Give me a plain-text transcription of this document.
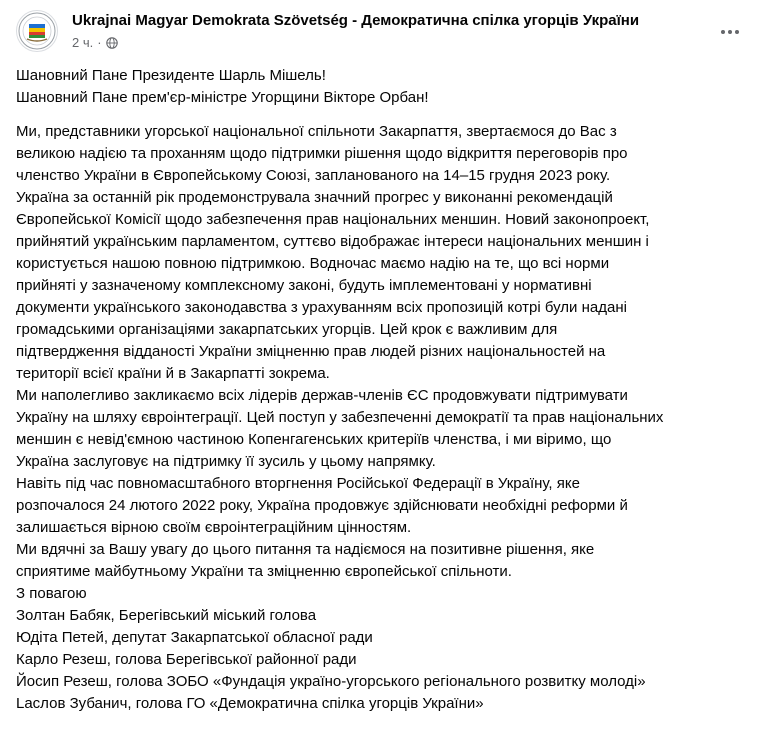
Ukrajnai Magyar Demokrata Szövetség - Демократична спілка угорців України
2 ч. ·
Шановний Пане Президенте Шарль Мішель!
Шановний Пане прем'єр-міністре Угорщини Вікторе Орбан!
Ми, представники угорської національної спільноти Закарпаття, звертаємося до Вас з
великою надією та проханням щодо підтримки рішення щодо відкриття переговорів про
членство України в Європейському Союзі, запланованого на 14–15 грудня 2023 року.
Україна за останній рік продемонструвала значний прогрес у виконанні рекомендацій
Європейської Комісії щодо забезпечення прав національних меншин. Новий законопроект,
прийнятий українським парламентом, суттєво відображає інтереси національних меншин і
користується нашою повною підтримкою. Водночас маємо надію на те, що всі норми
прийняті у зазначеному комплексному законі, будуть імплементовані у нормативні
документи українського законодавства з урахуванням всіх пропозицій котрі були надані
громадськими організаціями закарпатських угорців. Цей крок є важливим для
підтвердження відданості України зміцненню прав людей різних національностей на
території всієї країни й в Закарпатті зокрема.
Ми наполегливо закликаємо всіх лідерів держав-членів ЄС продовжувати підтримувати
Україну на шляху євроінтеграції. Цей поступ у забезпеченні демократії та прав національних
меншин є невід'ємною частиною Копенгагенських критеріїв членства, і ми віримо, що
Україна заслуговує на підтримку її зусиль у цьому напрямку.
Навіть під час повномасштабного вторгнення Російської Федерації в Україну, яке
розпочалося 24 лютого 2022 року, Україна продовжує здійснювати необхідні реформи й
залишається вірною своїм євроінтеграційним цінностям.
Ми вдячні за Вашу увагу до цього питання та надіємося на позитивне рішення, яке
сприятиме майбутньому України та зміцненню європейської спільноти.
З повагою
Золтан Бабяк, Берегівський міський голова
Юдіта Петей, депутат Закарпатської обласної ради
Карло Резеш, голова Берегівської районної ради
Йосип Резеш, голова ЗОБО «Фундація україно-угорського регіонального розвитку молоді»
Laслов Зубанич, голова ГО «Демократична спілка угорців України»
